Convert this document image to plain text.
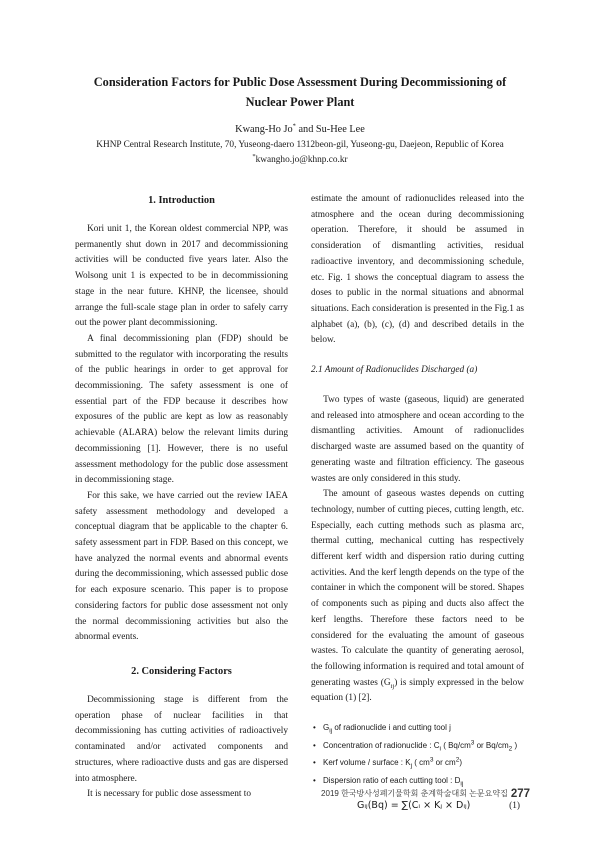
Consideration Factors for Public Dose Assessment During Decommissioning of
Nuclear Power Plant
Kwang-Ho Jo* and Su-Hee Lee
KHNP Central Research Institute, 70, Yuseong-daero 1312beon-gil, Yuseong-gu, Daejeon, Republic of Korea
*kwangho.jo@khnp.co.kr
1. Introduction

Kori unit 1, the Korean oldest commercial NPP, was permanently shut down in 2017 and decommissioning activities will be conducted five years later. Also the Wolsong unit 1 is expected to be in decommissioning stage in the near future. KHNP, the licensee, should arrange the full-scale stage plan in order to safely carry out the power plant decommissioning.

A final decommissioning plan (FDP) should be submitted to the regulator with incorporating the results of the public hearings in order to get approval for decommissioning. The safety assessment is one of essential part of the FDP because it describes how exposures of the public are kept as low as reasonably achievable (ALARA) below the relevant limits during decommissioning [1]. However, there is no useful assessment methodology for the public dose assessment in decommissioning stage.

For this sake, we have carried out the review IAEA safety assessment methodology and developed a conceptual diagram that be applicable to the chapter 6. safety assessment part in FDP. Based on this concept, we have analyzed the normal events and abnormal events during the decommissioning, which assessed public dose for each exposure scenario. This paper is to propose considering factors for public dose assessment not only the normal decommissioning activities but also the abnormal events.

2. Considering Factors

Decommissioning stage is different from the operation phase of nuclear facilities in that decommissioning has cutting activities of radioactively contaminated and/or activated components and structures, where radioactive dusts and gas are dispersed into atmosphere.

It is necessary for public dose assessment to

estimate the amount of radionuclides released into the atmosphere and the ocean during decommissioning operation. Therefore, it should be assumed in consideration of dismantling activities, residual radioactive inventory, and decommissioning schedule, etc. Fig. 1 shows the conceptual diagram to assess the doses to public in the normal situations and abnormal situations. Each consideration is presented in the Fig.1 as alphabet (a), (b), (c), (d) and described details in the below.

2.1 Amount of Radionuclides Discharged (a)

Two types of waste (gaseous, liquid) are generated and released into atmosphere and ocean according to the dismantling activities. Amount of radionuclides discharged waste are assumed based on the quantity of generating waste and filtration efficiency. The gaseous wastes are only considered in this study.

The amount of gaseous wastes depends on cutting technology, number of cutting pieces, cutting length, etc. Especially, each cutting methods such as plasma arc, thermal cutting, mechanical cutting has respectively different kerf width and dispersion ratio during cutting activities. And the kerf length depends on the type of the container in which the component will be stored. Shapes of components such as piping and ducts also affect the kerf lengths. Therefore these factors need to be considered for the evaluating the amount of gaseous wastes. To calculate the quantity of generating aerosol, the following information is required and total amount of generating wastes $(G_{ij})$ is simply expressed in the below equation (1) [2].

• $G_{ij}$ of radionuclide i and cutting tool j
• Concentration of radionuclide : $C_i$ ( $Bq/cm^3$ or $Bq/cm_2$ )
• Kerf volume / surface : $K_j$ ( $cm^3$ or $cm^2$)
• Dispersion ratio of each cutting tool : $D_{ij}$
Gᵢⱼ(Bq) = ∑(Cᵢ × Kⱼ × Dᵢⱼ)	(1)
2019 한국방사성폐기물학회 춘계학술대회 논문요약집 277
